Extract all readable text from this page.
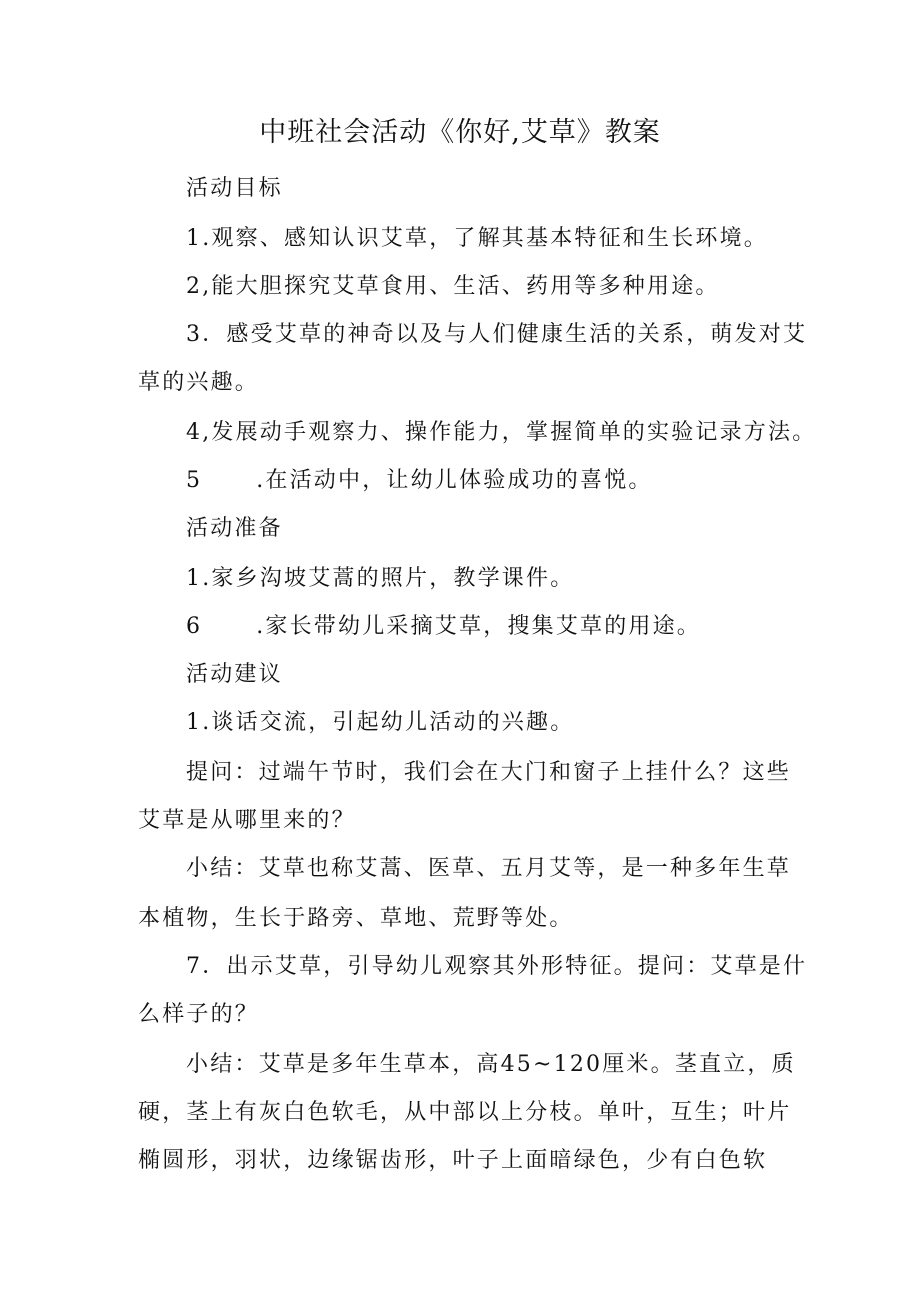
中班社会活动《你好,艾草》教案
活动目标
1.观察、感知认识艾草，了解其基本特征和生长环境。
2,能大胆探究艾草食用、生活、药用等多种用途。
3．感受艾草的神奇以及与人们健康生活的关系，萌发对艾
草的兴趣。
4,发展动手观察力、操作能力，掌握简单的实验记录方法。
5 .在活动中，让幼儿体验成功的喜悦。
活动准备
1.家乡沟坡艾蒿的照片，教学课件。
6 .家长带幼儿采摘艾草，搜集艾草的用途。
活动建议
1.谈话交流，引起幼儿活动的兴趣。
提问：过端午节时，我们会在大门和窗子上挂什么？这些
艾草是从哪里来的？
小结：艾草也称艾蒿、医草、五月艾等，是一种多年生草
本植物，生长于路旁、草地、荒野等处。
7．出示艾草，引导幼儿观察其外形特征。提问：艾草是什
么样子的？
小结：艾草是多年生草本，高45~120厘米。茎直立，质
硬，茎上有灰白色软毛，从中部以上分枝。单叶，互生；叶片
椭圆形，羽状，边缘锯齿形，叶子上面暗绿色，少有白色软
